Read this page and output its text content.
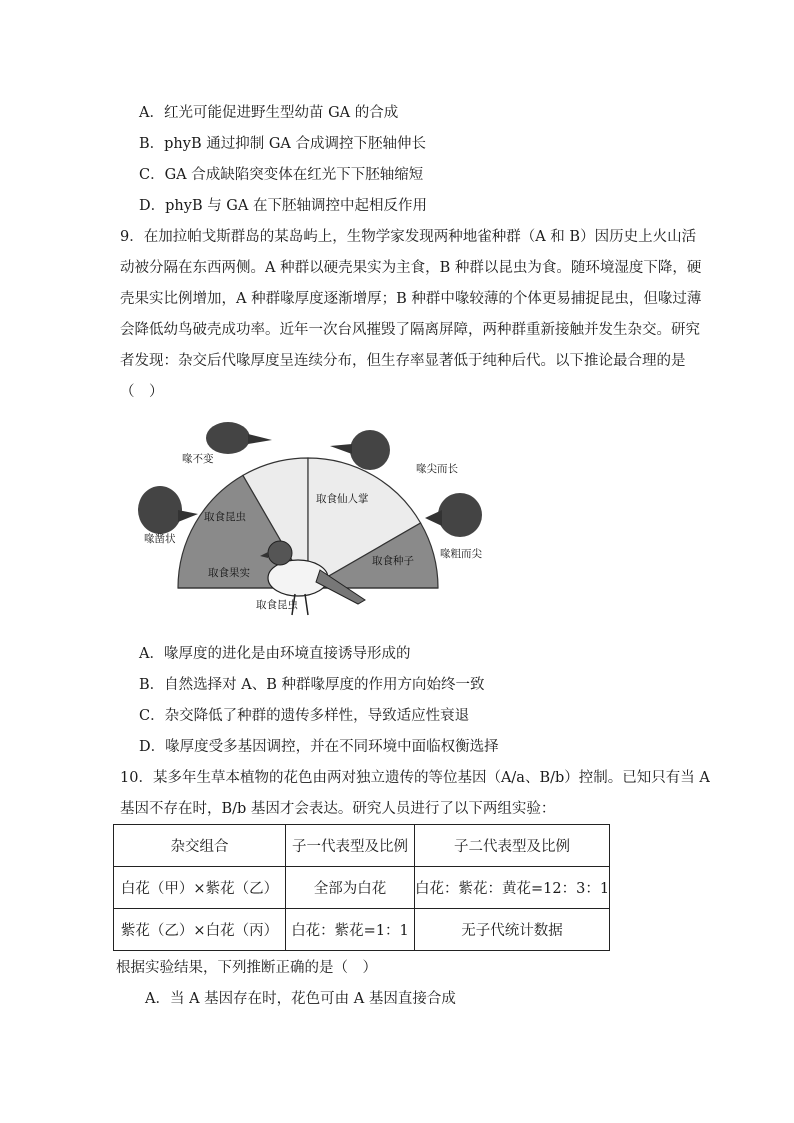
A．红光可能促进野生型幼苗 GA 的合成
B．phyB 通过抑制 GA 合成调控下胚轴伸长
C．GA 合成缺陷突变体在红光下下胚轴缩短
D．phyB 与 GA 在下胚轴调控中起相反作用
9．在加拉帕戈斯群岛的某岛屿上，生物学家发现两种地雀种群（A 和 B）因历史上火山活
动被分隔在东西两侧。A 种群以硬壳果实为主食，B 种群以昆虫为食。随环境湿度下降，硬
壳果实比例增加，A 种群喙厚度逐渐增厚；B 种群中喙较薄的个体更易捕捉昆虫，但喙过薄
会降低幼鸟破壳成功率。近年一次台风摧毁了隔离屏障，两种群重新接触并发生杂交。研究
者发现：杂交后代喙厚度呈连续分布，但生存率显著低于纯种后代。以下推论最合理的是
（　）
取食昆虫
取食仙人掌
取食果实
取食种子
喙不变
喙尖而长
喙凿状
喙粗而尖
取食昆虫
A．喙厚度的进化是由环境直接诱导形成的
B．自然选择对 A、B 种群喙厚度的作用方向始终一致
C．杂交降低了种群的遗传多样性，导致适应性衰退
D．喙厚度受多基因调控，并在不同环境中面临权衡选择
10．某多年生草本植物的花色由两对独立遗传的等位基因（A/a、B/b）控制。已知只有当 A
基因不存在时，B/b 基因才会表达。研究人员进行了以下两组实验：
杂交组合	子一代表型及比例	子二代表型及比例
白花（甲）×紫花（乙）	全部为白花	白花：紫花：黄花=12：3：1
紫花（乙）×白花（丙）	白花：紫花=1：1	无子代统计数据
根据实验结果，下列推断正确的是（　）
A．当 A 基因存在时，花色可由 A 基因直接合成
